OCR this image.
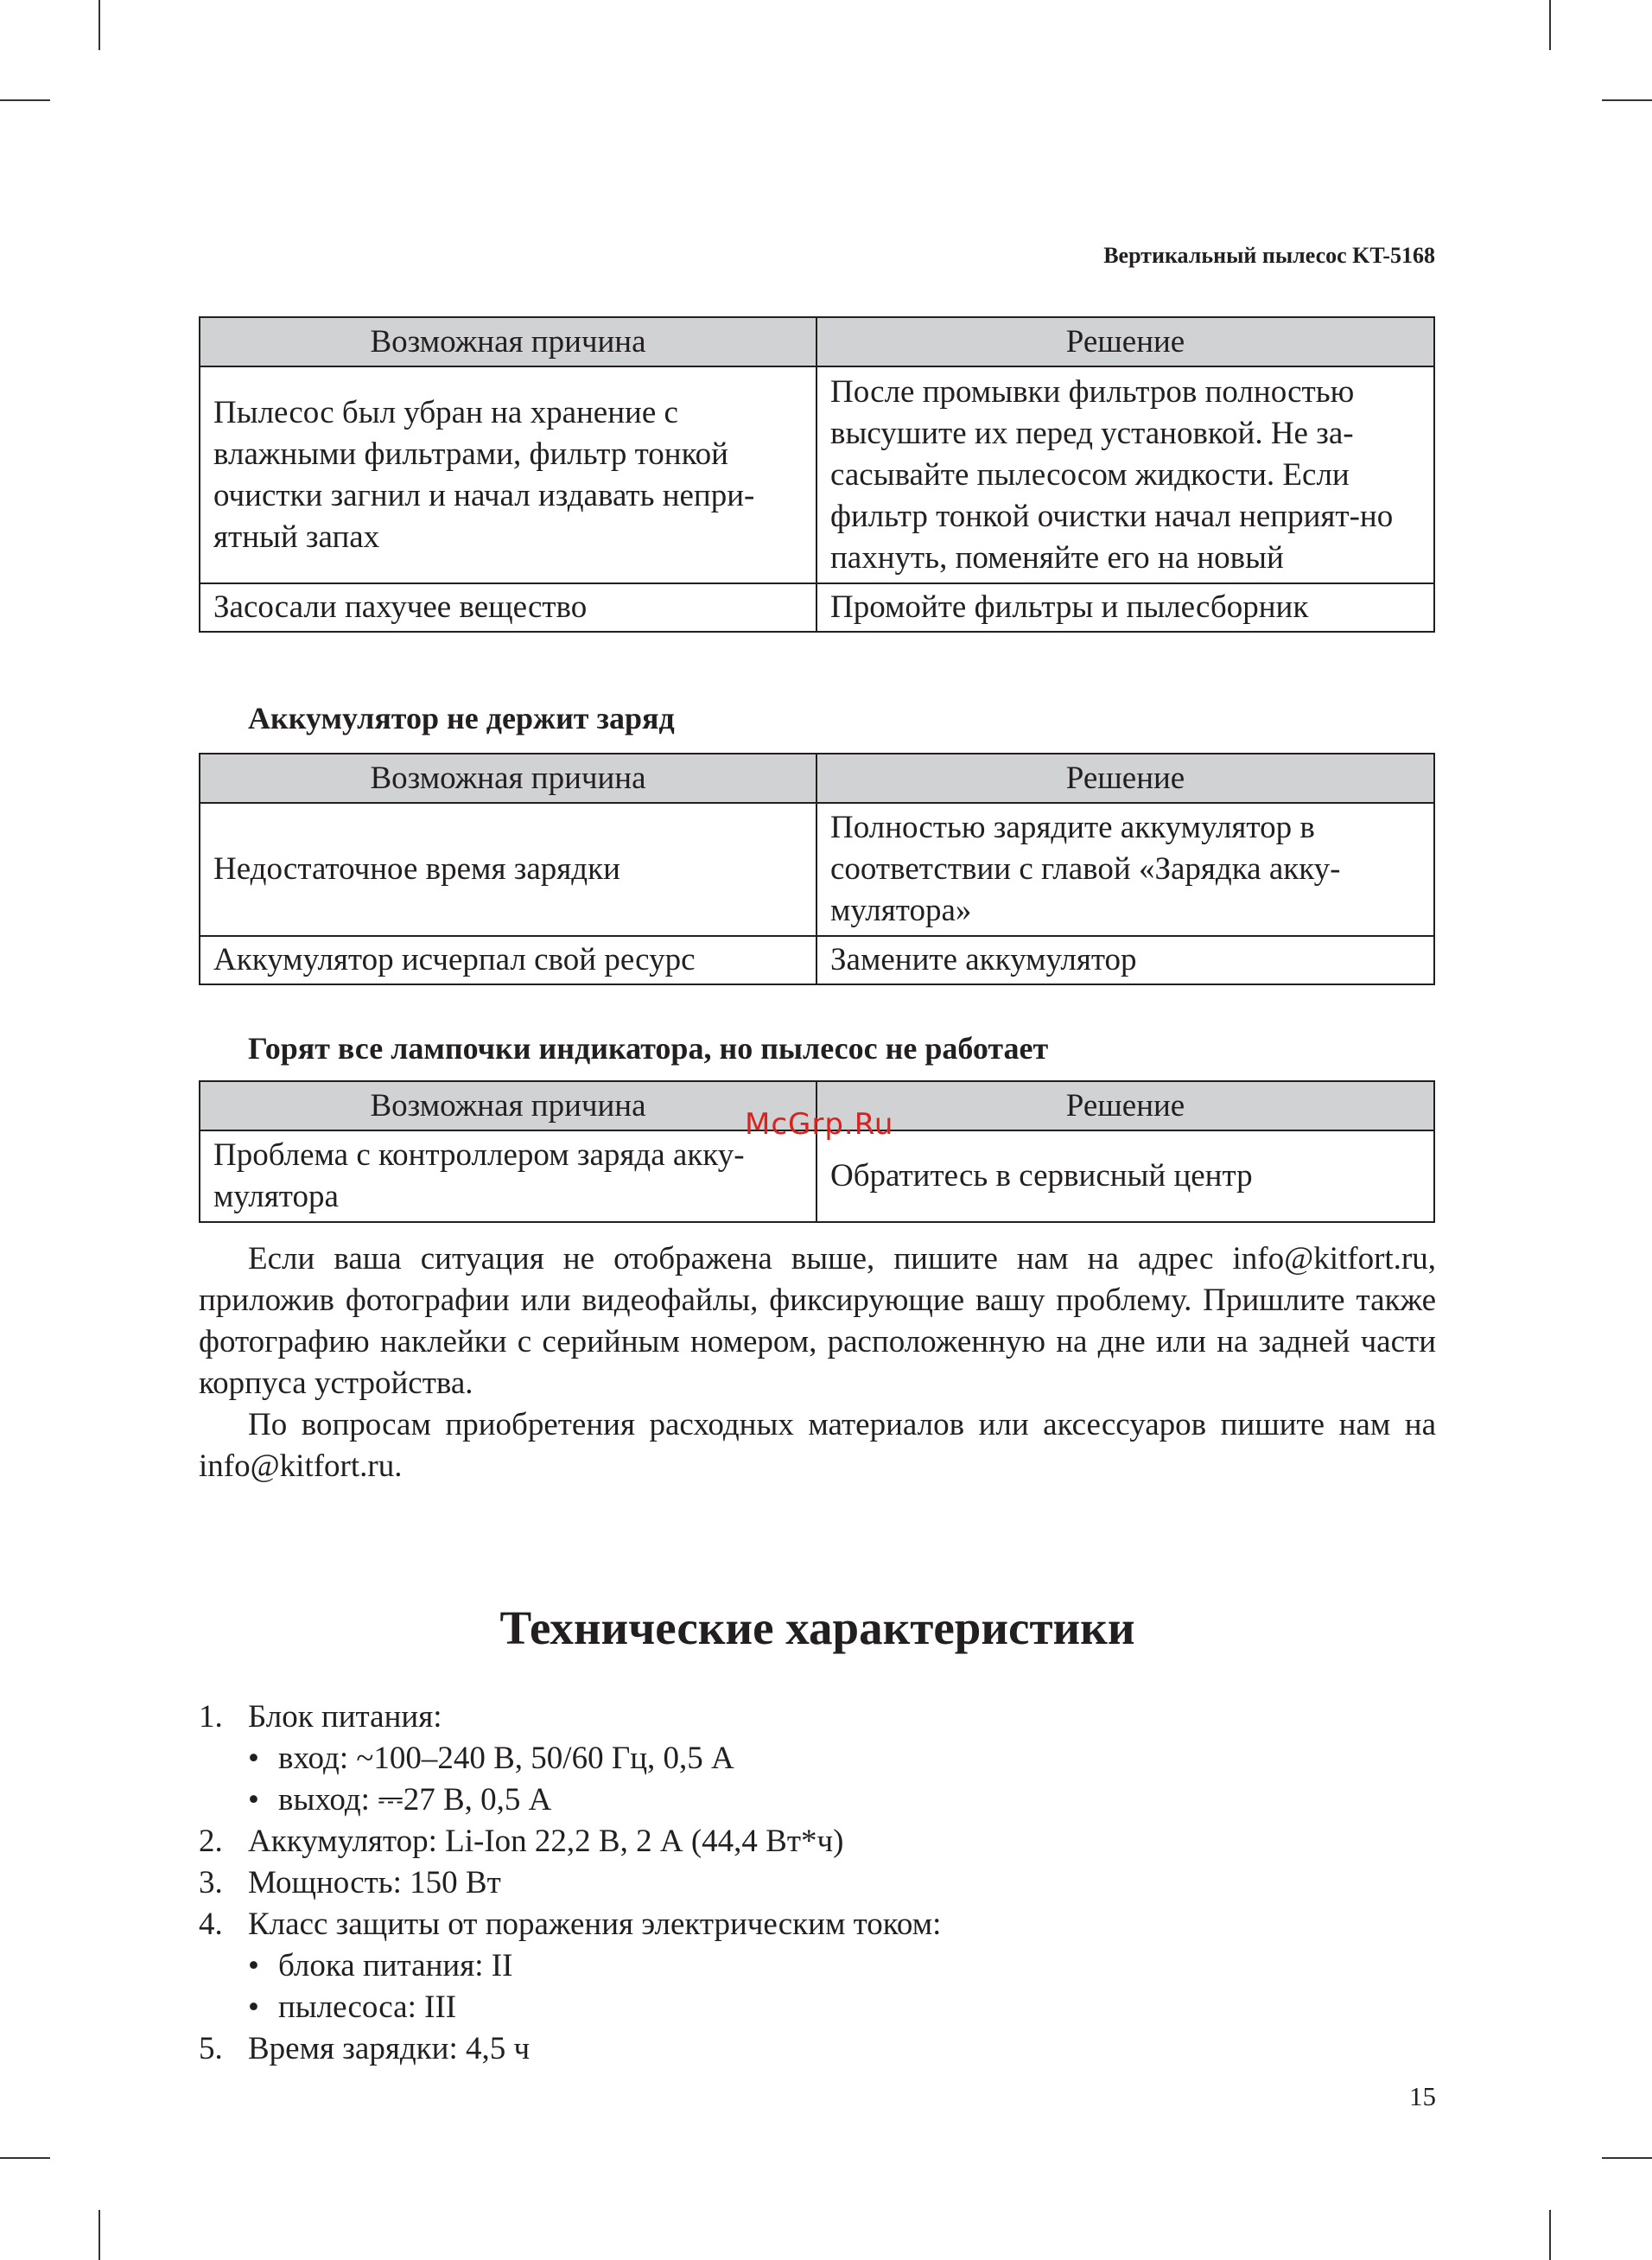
Вертикальный пылесос KT-5168
Возможная причина	Решение
Пылесос был убран на хранение с влажными фильтрами, фильтр тонкой очистки загнил и начал издавать непри-ятный запах	После промывки фильтров полностью высушите их перед установкой. Не за-сасывайте пылесосом жидкости. Если фильтр тонкой очистки начал неприят-но пахнуть, поменяйте его на новый
Засосали пахучее вещество	Промойте фильтры и пылесборник
Аккумулятор не держит заряд
Возможная причина	Решение
Недостаточное время зарядки	Полностью зарядите аккумулятор в соответствии с главой «Зарядка акку-мулятора»
Аккумулятор исчерпал свой ресурс	Замените аккумулятор
Горят все лампочки индикатора, но пылесос не работает
Возможная причина	Решение
Проблема с контроллером заряда акку-мулятора	Обратитесь в сервисный центр
McGrp.Ru

Если ваша ситуация не отображена выше, пишите нам на адрес info@kitfort.ru, приложив фотографии или видеофайлы, фиксирующие вашу проблему. Пришлите также фотографию наклейки с серийным номером, расположенную на дне или на задней части корпуса устройства.

По вопросам приобретения расходных материалов или аксессуаров пишите нам на info@kitfort.ru.

Технические характеристики
1. Блок питания:
• вход: ~100–240 В, 50/60 Гц, 0,5 А
• выход: ⎓27 В, 0,5 А
2. Аккумулятор: Li-Ion 22,2 В, 2 А (44,4 Вт*ч)
3. Мощность: 150 Вт
4. Класс защиты от поражения электрическим током:
• блока питания: II
• пылесоса: III
5. Время зарядки: 4,5 ч
15
